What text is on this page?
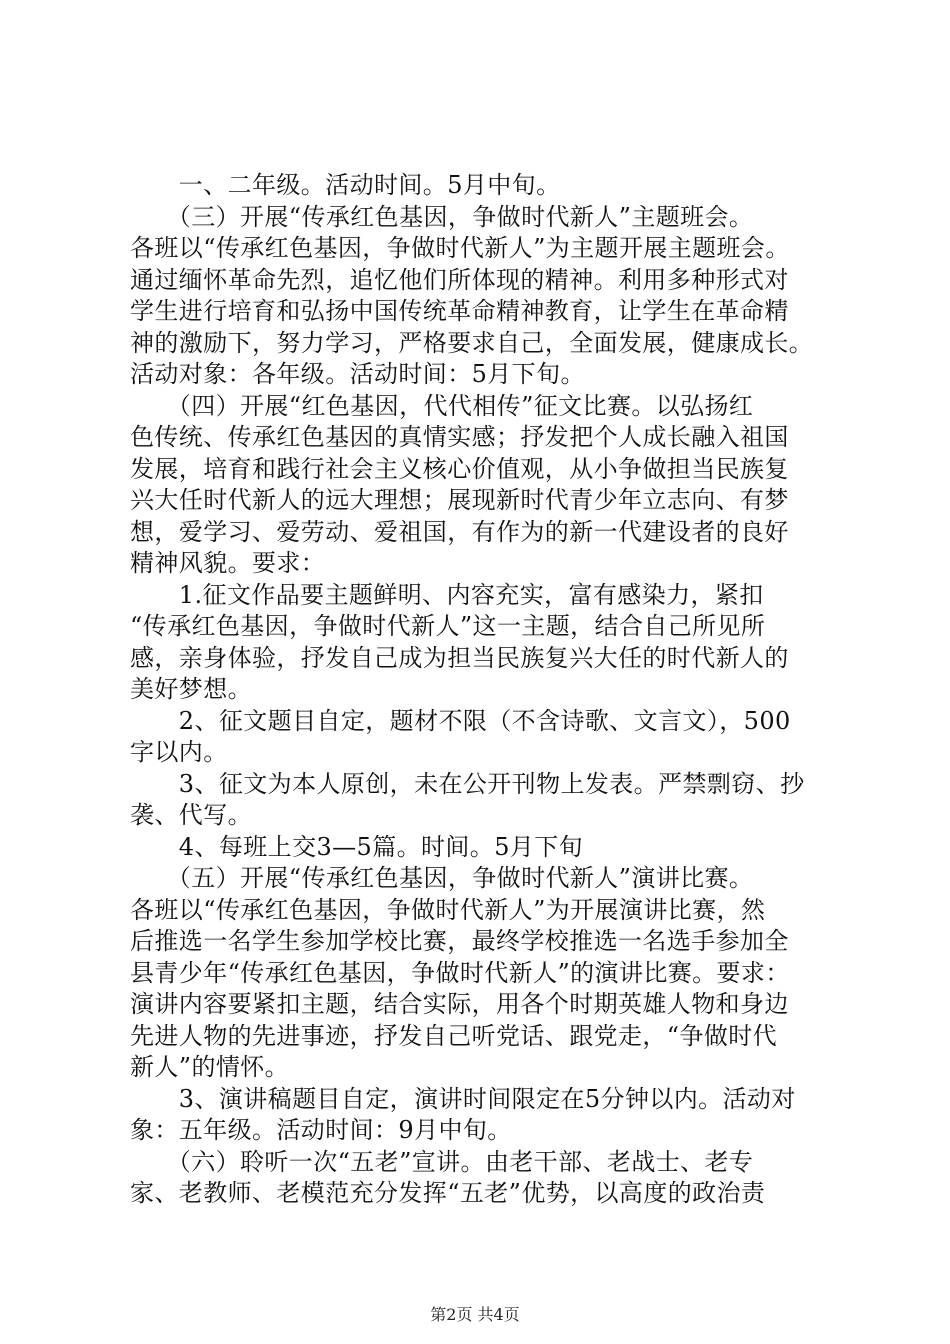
　　一、二年级。活动时间。5月中旬。
　　（三）开展“传承红色基因，争做时代新人”主题班会。
各班以“传承红色基因，争做时代新人”为主题开展主题班会。
通过缅怀革命先烈，追忆他们所体现的精神。利用多种形式对
学生进行培育和弘扬中国传统革命精神教育，让学生在革命精
神的激励下，努力学习，严格要求自己，全面发展，健康成长。
活动对象：各年级。活动时间：5月下旬。
　　（四）开展“红色基因，代代相传”征文比赛。以弘扬红
色传统、传承红色基因的真情实感；抒发把个人成长融入祖国
发展，培育和践行社会主义核心价值观，从小争做担当民族复
兴大任时代新人的远大理想；展现新时代青少年立志向、有梦
想，爱学习、爱劳动、爱祖国，有作为的新一代建设者的良好
精神风貌。要求：
　　1.征文作品要主题鲜明、内容充实，富有感染力，紧扣
“传承红色基因，争做时代新人”这一主题，结合自己所见所
感，亲身体验，抒发自己成为担当民族复兴大任的时代新人的
美好梦想。
　　2、征文题目自定，题材不限（不含诗歌、文言文），500
字以内。
　　3、征文为本人原创，未在公开刊物上发表。严禁剽窃、抄
袭、代写。
　　4、每班上交3—5篇。时间。5月下旬
　　（五）开展“传承红色基因，争做时代新人”演讲比赛。
各班以“传承红色基因，争做时代新人”为开展演讲比赛，然
后推选一名学生参加学校比赛，最终学校推选一名选手参加全
县青少年“传承红色基因，争做时代新人”的演讲比赛。要求：
演讲内容要紧扣主题，结合实际，用各个时期英雄人物和身边
先进人物的先进事迹，抒发自己听党话、跟党走，“争做时代
新人”的情怀。
　　3、演讲稿题目自定，演讲时间限定在5分钟以内。活动对
象：五年级。活动时间：9月中旬。
　　（六）聆听一次“五老”宣讲。由老干部、老战士、老专
家、老教师、老模范充分发挥“五老”优势，以高度的政治责
第2页 共4页
